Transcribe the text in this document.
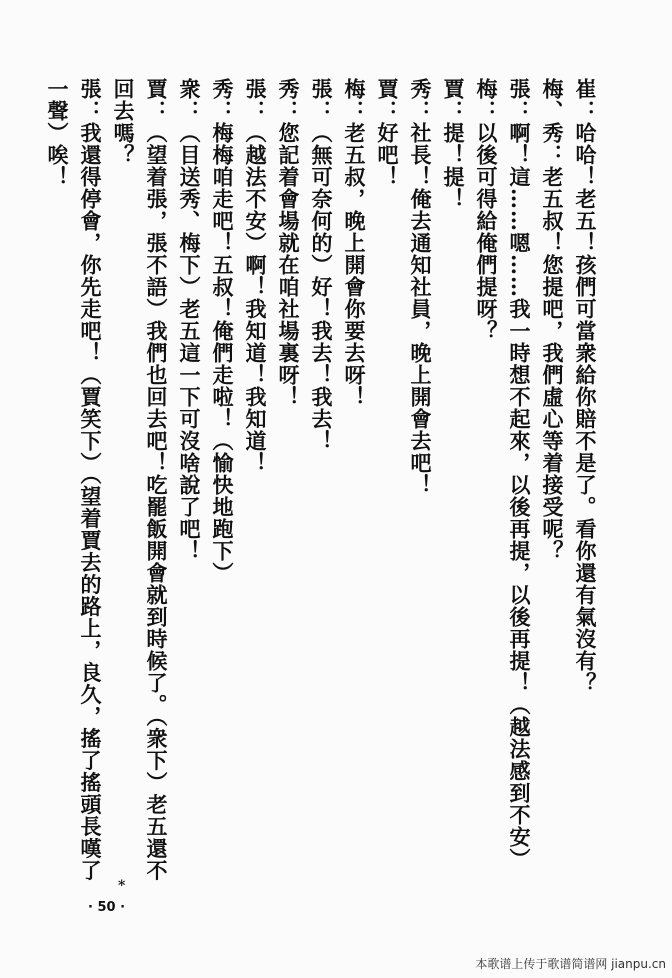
崔：哈哈！老五！孩們可當衆給你賠不是了。看你還有氣沒有？
梅、秀：老五叔！您提吧，我們虛心等着接受呢？
張：啊！這……嗯……我一時想不起來，以後再提，以後再提！（越法感到不安）
梅：以後可得給俺們提呀？
賈：提！提！
秀：社長！俺去通知社員，晚上開會去吧！
賈：好吧！
梅：老五叔，晚上開會你要去呀！
張：（無可奈何的）好！我去！我去！
秀：您記着會場就在咱社場裏呀！
張：（越法不安）啊！我知道！我知道！
秀：梅梅咱走吧！五叔！俺們走啦！（愉快地跑下）
衆：（目送秀、梅下）老五這一下可沒啥說了吧！
賈：（望着張，張不語）我們也回去吧！吃罷飯開會就到時候了。（衆下）老五還不回去嗎？
張：我還得停會，你先走吧！（賈笑下）（望着賈去的路上，良久，搖了搖頭長嘆了一聲）唉！
*
· 50 ·
本歌谱上传于歌谱简谱网 jianpu.cn
